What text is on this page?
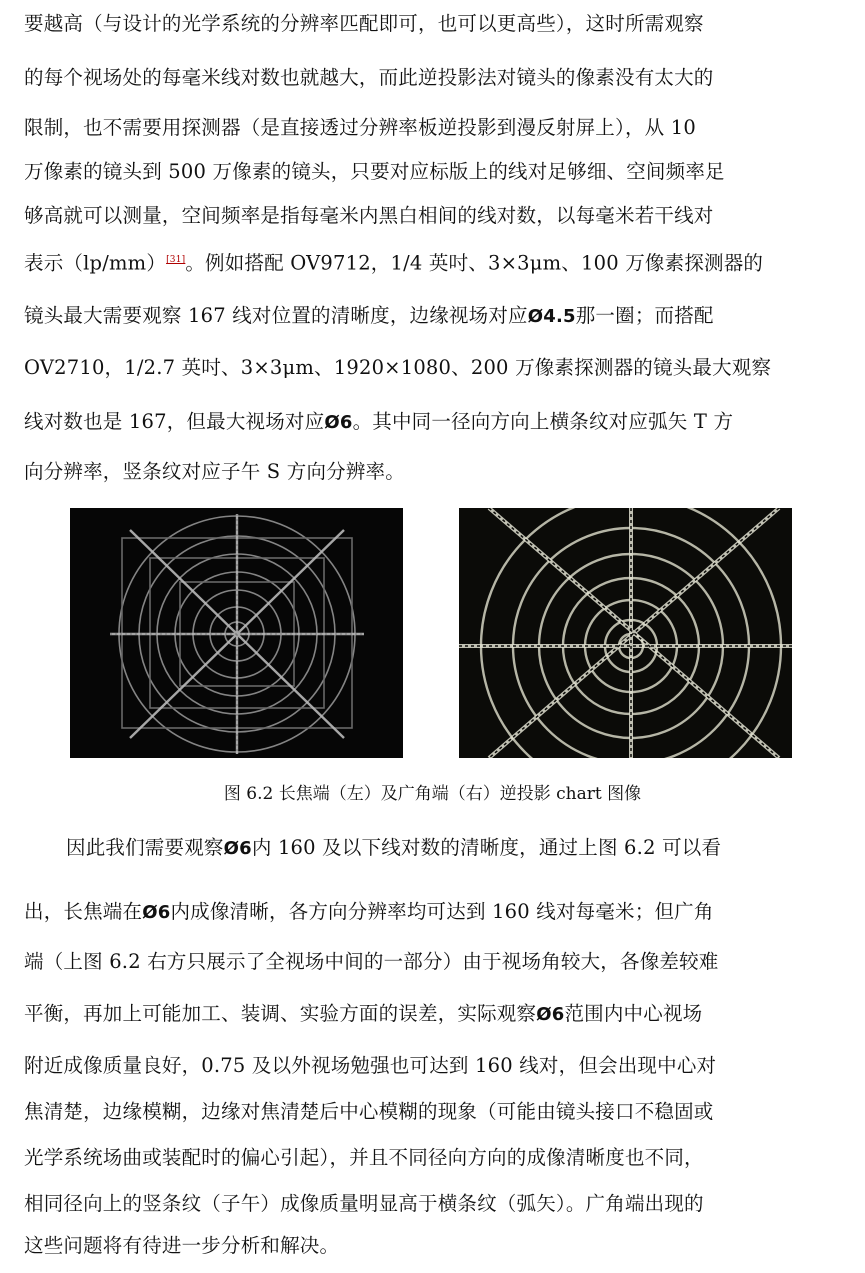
要越高（与设计的光学系统的分辨率匹配即可，也可以更高些），这时所需观察
的每个视场处的每毫米线对数也就越大，而此逆投影法对镜头的像素没有太大的
限制，也不需要用探测器（是直接透过分辨率板逆投影到漫反射屏上），从 10
万像素的镜头到 500 万像素的镜头，只要对应标版上的线对足够细、空间频率足
够高就可以测量，空间频率是指每毫米内黑白相间的线对数，以每毫米若干线对
表示（lp/mm）[31]。例如搭配 OV9712，1/4 英吋、3×3μm、100 万像素探测器的
镜头最大需要观察 167 线对位置的清晰度，边缘视场对应Ø4.5那一圈；而搭配
OV2710，1/2.7 英吋、3×3μm、1920×1080、200 万像素探测器的镜头最大观察
线对数也是 167，但最大视场对应Ø6。其中同一径向方向上横条纹对应弧矢 T 方
向分辨率，竖条纹对应子午 S 方向分辨率。
图 6.2 长焦端（左）及广角端（右）逆投影 chart 图像
因此我们需要观察Ø6内 160 及以下线对数的清晰度，通过上图 6.2 可以看
出，长焦端在Ø6内成像清晰，各方向分辨率均可达到 160 线对每毫米；但广角
端（上图 6.2 右方只展示了全视场中间的一部分）由于视场角较大，各像差较难
平衡，再加上可能加工、装调、实验方面的误差，实际观察Ø6范围内中心视场
附近成像质量良好，0.75 及以外视场勉强也可达到 160 线对，但会出现中心对
焦清楚，边缘模糊，边缘对焦清楚后中心模糊的现象（可能由镜头接口不稳固或
光学系统场曲或装配时的偏心引起），并且不同径向方向的成像清晰度也不同，
相同径向上的竖条纹（子午）成像质量明显高于横条纹（弧矢）。广角端出现的
这些问题将有待进一步分析和解决。
